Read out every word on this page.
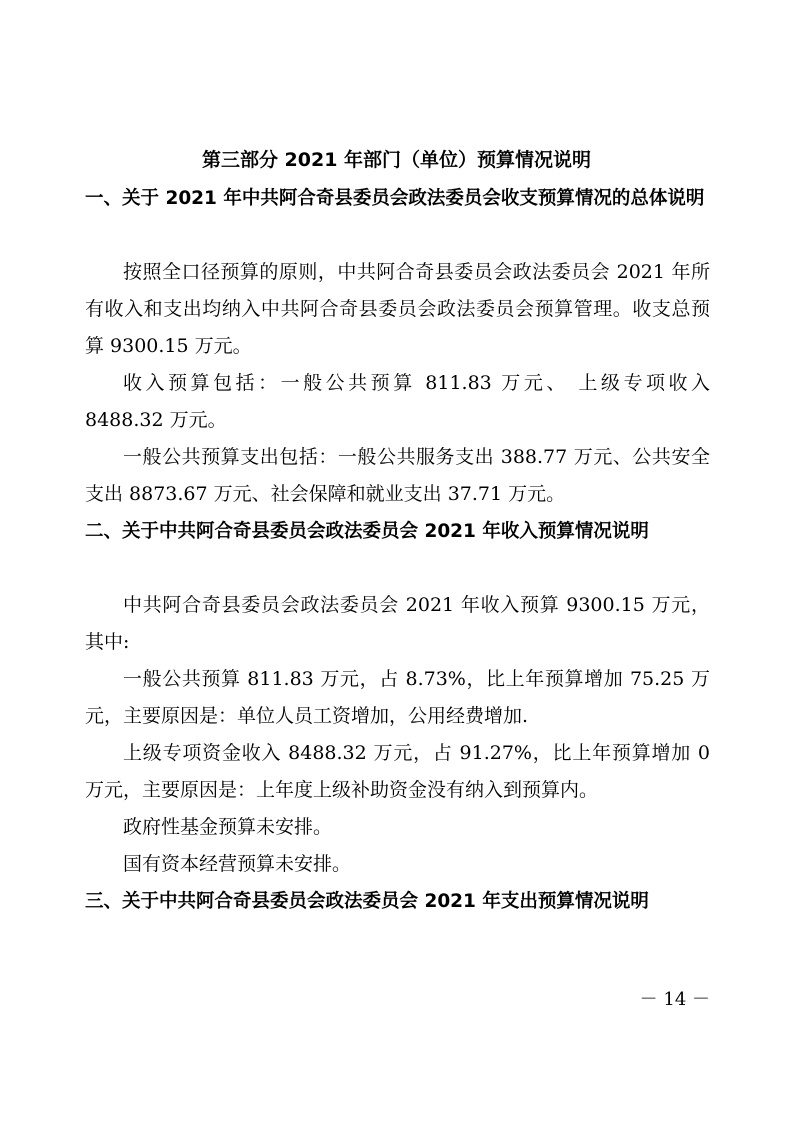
第三部分 2021 年部门（单位）预算情况说明
一、关于 2021 年中共阿合奇县委员会政法委员会收支预算情况的总体说明
按照全口径预算的原则，中共阿合奇县委员会政法委员会 2021 年所有收入和支出均纳入中共阿合奇县委员会政法委员会预算管理。收支总预算 9300.15 万元。
收入预算包括：一般公共预算 811.83 万元、 上级专项收入 8488.32 万元。
一般公共预算支出包括：一般公共服务支出 388.77 万元、公共安全支出 8873.67 万元、社会保障和就业支出 37.71 万元。
二、关于中共阿合奇县委员会政法委员会 2021 年收入预算情况说明
中共阿合奇县委员会政法委员会 2021 年收入预算 9300.15 万元，其中:
一般公共预算 811.83 万元，占 8.73%，比上年预算增加 75.25 万元，主要原因是：单位人员工资增加，公用经费增加.
上级专项资金收入 8488.32 万元，占 91.27%，比上年预算增加 0 万元，主要原因是：上年度上级补助资金没有纳入到预算内。
政府性基金预算未安排。
国有资本经营预算未安排。
三、关于中共阿合奇县委员会政法委员会 2021 年支出预算情况说明
－ 14 －
